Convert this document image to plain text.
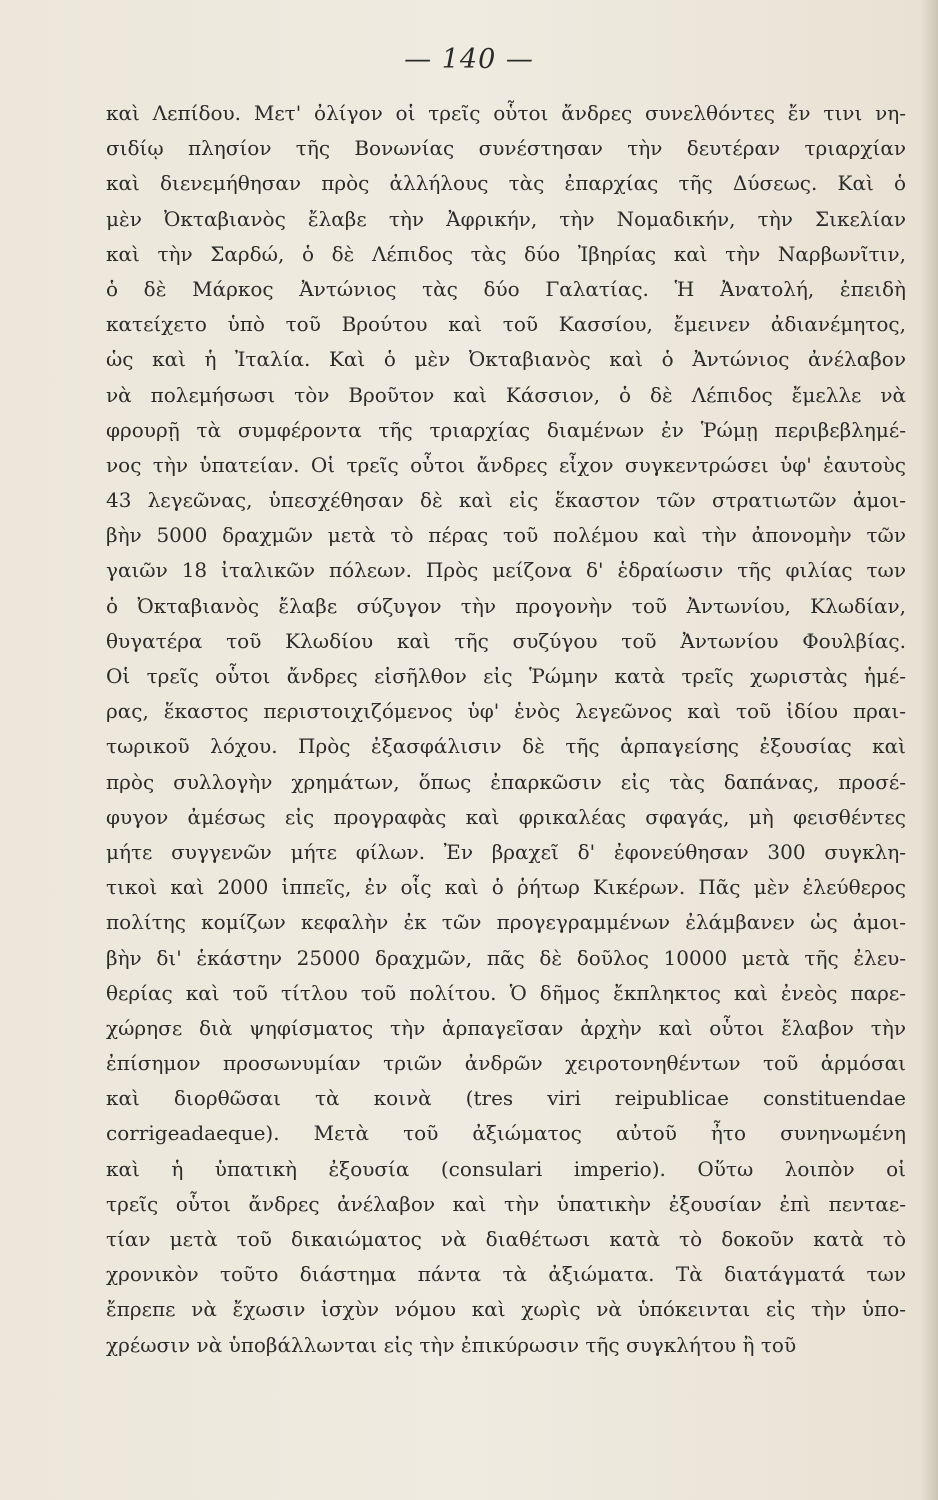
— 140 —
καὶ Λεπίδου. Μετ' ὀλίγον οἱ τρεῖς οὗτοι ἄνδρες συνελθόντες ἔν τινι νη-
σιδίῳ πλησίον τῆς Βονωνίας συνέστησαν τὴν δευτέραν τριαρχίαν
καὶ διενεμήθησαν πρὸς ἀλλήλους τὰς ἐπαρχίας τῆς Δύσεως. Καὶ ὁ
μὲν Ὀκταβιανὸς ἔλαβε τὴν Ἀφρικήν, τὴν Νομαδικήν, τὴν Σικελίαν
καὶ τὴν Σαρδώ, ὁ δὲ Λέπιδος τὰς δύο Ἰβηρίας καὶ τὴν Ναρβωνῖτιν,
ὁ δὲ Μάρκος Ἀντώνιος τὰς δύο Γαλατίας. Ἡ Ἀνατολή, ἐπειδὴ
κατείχετο ὑπὸ τοῦ Βρούτου καὶ τοῦ Κασσίου, ἔμεινεν ἀδιανέμητος,
ὡς καὶ ἡ Ἰταλία. Καὶ ὁ μὲν Ὀκταβιανὸς καὶ ὁ Ἀντώνιος ἀνέλαβον
νὰ πολεμήσωσι τὸν Βροῦτον καὶ Κάσσιον, ὁ δὲ Λέπιδος ἔμελλε νὰ
φρουρῇ τὰ συμφέροντα τῆς τριαρχίας διαμένων ἐν Ῥώμῃ περιβεβλημέ-
νος τὴν ὑπατείαν. Οἱ τρεῖς οὗτοι ἄνδρες εἶχον συγκεντρώσει ὑφ' ἑαυτοὺς
43 λεγεῶνας, ὑπεσχέθησαν δὲ καὶ εἰς ἕκαστον τῶν στρατιωτῶν ἀμοι-
βὴν 5000 δραχμῶν μετὰ τὸ πέρας τοῦ πολέμου καὶ τὴν ἀπονομὴν τῶν
γαιῶν 18 ἰταλικῶν πόλεων. Πρὸς μείζονα δ' ἑδραίωσιν τῆς φιλίας των
ὁ Ὀκταβιανὸς ἔλαβε σύζυγον τὴν προγονὴν τοῦ Ἀντωνίου, Κλωδίαν,
θυγατέρα τοῦ Κλωδίου καὶ τῆς συζύγου τοῦ Ἀντωνίου Φουλβίας.
Οἱ τρεῖς οὗτοι ἄνδρες εἰσῆλθον εἰς Ῥώμην κατὰ τρεῖς χωριστὰς ἡμέ-
ρας, ἕκαστος περιστοιχιζόμενος ὑφ' ἑνὸς λεγεῶνος καὶ τοῦ ἰδίου πραι-
τωρικοῦ λόχου. Πρὸς ἐξασφάλισιν δὲ τῆς ἁρπαγείσης ἐξουσίας καὶ
πρὸς συλλογὴν χρημάτων, ὅπως ἐπαρκῶσιν εἰς τὰς δαπάνας, προσέ-
φυγον ἀμέσως εἰς προγραφὰς καὶ φρικαλέας σφαγάς, μὴ φεισθέντες
μήτε συγγενῶν μήτε φίλων. Ἐν βραχεῖ δ' ἐφονεύθησαν 300 συγκλη-
τικοὶ καὶ 2000 ἱππεῖς, ἐν οἷς καὶ ὁ ῥήτωρ Κικέρων. Πᾶς μὲν ἐλεύθερος
πολίτης κομίζων κεφαλὴν ἐκ τῶν προγεγραμμένων ἐλάμβανεν ὡς ἀμοι-
βὴν δι' ἑκάστην 25000 δραχμῶν, πᾶς δὲ δοῦλος 10000 μετὰ τῆς ἐλευ-
θερίας καὶ τοῦ τίτλου τοῦ πολίτου. Ὁ δῆμος ἔκπληκτος καὶ ἐνεὸς παρε-
χώρησε διὰ ψηφίσματος τὴν ἁρπαγεῖσαν ἀρχὴν καὶ οὗτοι ἔλαβον τὴν
ἐπίσημον προσωνυμίαν τριῶν ἀνδρῶν χειροτονηθέντων τοῦ ἁρμόσαι
καὶ διορθῶσαι τὰ κοινὰ (tres viri reipublicae constituendae
corrigeadaeque). Μετὰ τοῦ ἀξιώματος αὐτοῦ ἦτο συνηνωμένη
καὶ ἡ ὑπατικὴ ἐξουσία (consulari imperio). Οὕτω λοιπὸν οἱ
τρεῖς οὗτοι ἄνδρες ἀνέλαβον καὶ τὴν ὑπατικὴν ἐξουσίαν ἐπὶ πενταε-
τίαν μετὰ τοῦ δικαιώματος νὰ διαθέτωσι κατὰ τὸ δοκοῦν κατὰ τὸ
χρονικὸν τοῦτο διάστημα πάντα τὰ ἀξιώματα. Τὰ διατάγματά των
ἔπρεπε νὰ ἔχωσιν ἰσχὺν νόμου καὶ χωρὶς νὰ ὑπόκεινται εἰς τὴν ὑπο-
χρέωσιν νὰ ὑποβάλλωνται εἰς τὴν ἐπικύρωσιν τῆς συγκλήτου ἢ τοῦ
